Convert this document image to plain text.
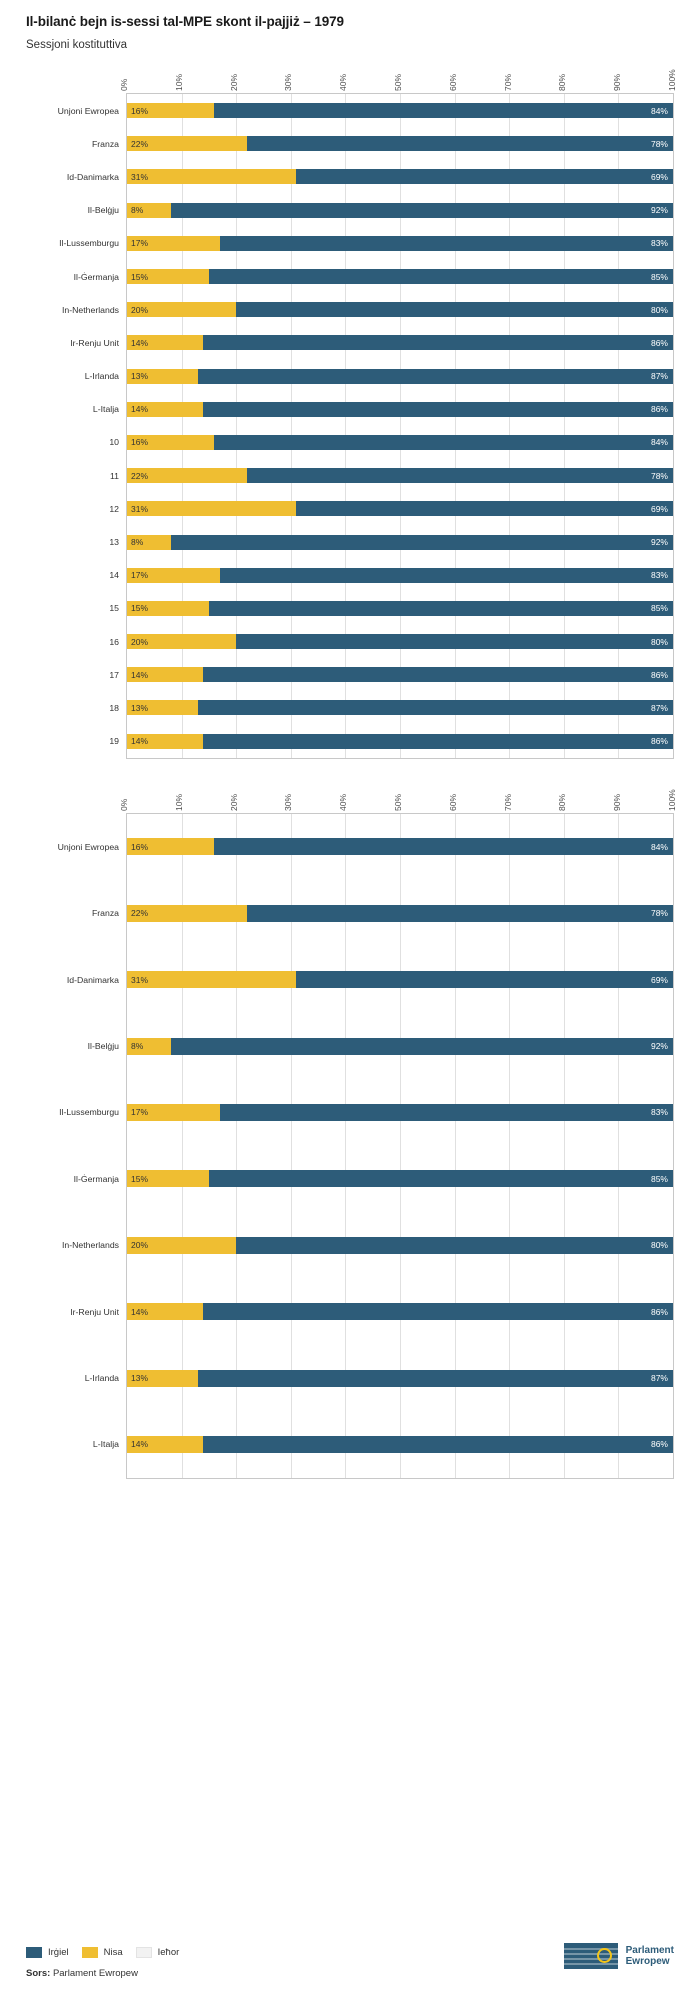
Il-bilanċ bejn is-sessi tal-MPE skont il-pajjiż – 1979
Sessjoni kostituttiva
0%	10%	20%	30%	40%	50%	60%	70%	80%	90%	100%
Unjoni Ewropea 16%	84%
Franza 22%	78%
Id-Danimarka 31%	69%
Il-Belġju 8%	92%
Il-Lussemburgu 17%	83%
Il-Ġermanja 15%	85%
In-Netherlands 20%	80%
Ir-Renju Unit 14%	86%
L-Irlanda 13%	87%
L-Italja 14%	86%
10 16%	84%
11 22%	78%
12 31%	69%
13 8%	92%
14 17%	83%
15 15%	85%
16 20%	80%
17 14%	86%
18 13%	87%
19 14%	86%
0%	10%	20%	30%	40%	50%	60%	70%	80%	90%	100%
Unjoni Ewropea 16%	84%
Franza 22%	78%
Id-Danimarka 31%	69%
Il-Belġju 8%	92%
Il-Lussemburgu 17%	83%
Il-Ġermanja 15%	85%
In-Netherlands 20%	80%
Ir-Renju Unit 14%	86%
L-Irlanda 13%	87%
L-Italja 14%	86%
Irġiel	Nisa	Ieħor
Sors: Parlament Ewropew
Parlament
Ewropew
